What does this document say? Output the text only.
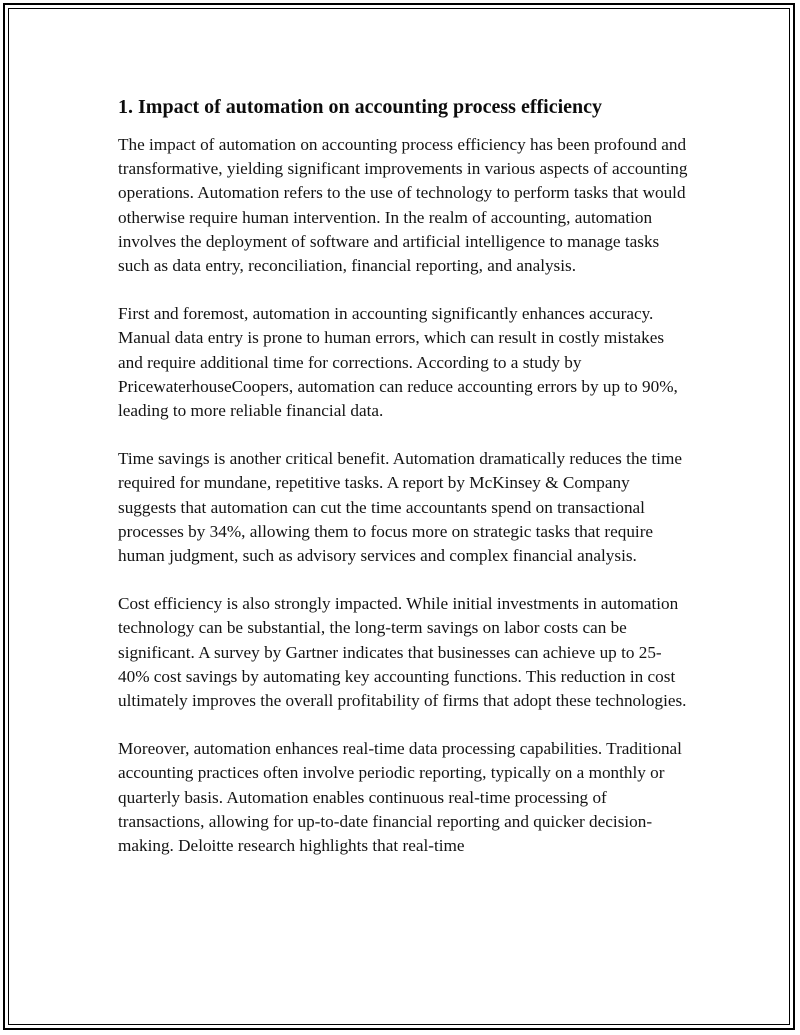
1. Impact of automation on accounting process efficiency

The impact of automation on accounting process efficiency has been profound and transformative, yielding significant improvements in various aspects of accounting operations. Automation refers to the use of technology to perform tasks that would otherwise require human intervention. In the realm of accounting, automation involves the deployment of software and artificial intelligence to manage tasks such as data entry, reconciliation, financial reporting, and analysis.

First and foremost, automation in accounting significantly enhances accuracy. Manual data entry is prone to human errors, which can result in costly mistakes and require additional time for corrections. According to a study by PricewaterhouseCoopers, automation can reduce accounting errors by up to 90%, leading to more reliable financial data.

Time savings is another critical benefit. Automation dramatically reduces the time required for mundane, repetitive tasks. A report by McKinsey & Company suggests that automation can cut the time accountants spend on transactional processes by 34%, allowing them to focus more on strategic tasks that require human judgment, such as advisory services and complex financial analysis.

Cost efficiency is also strongly impacted. While initial investments in automation technology can be substantial, the long-term savings on labor costs can be significant. A survey by Gartner indicates that businesses can achieve up to 25-40% cost savings by automating key accounting functions. This reduction in cost ultimately improves the overall profitability of firms that adopt these technologies.

Moreover, automation enhances real-time data processing capabilities. Traditional accounting practices often involve periodic reporting, typically on a monthly or quarterly basis. Automation enables continuous real-time processing of transactions, allowing for up-to-date financial reporting and quicker decision-making. Deloitte research highlights that real-time
